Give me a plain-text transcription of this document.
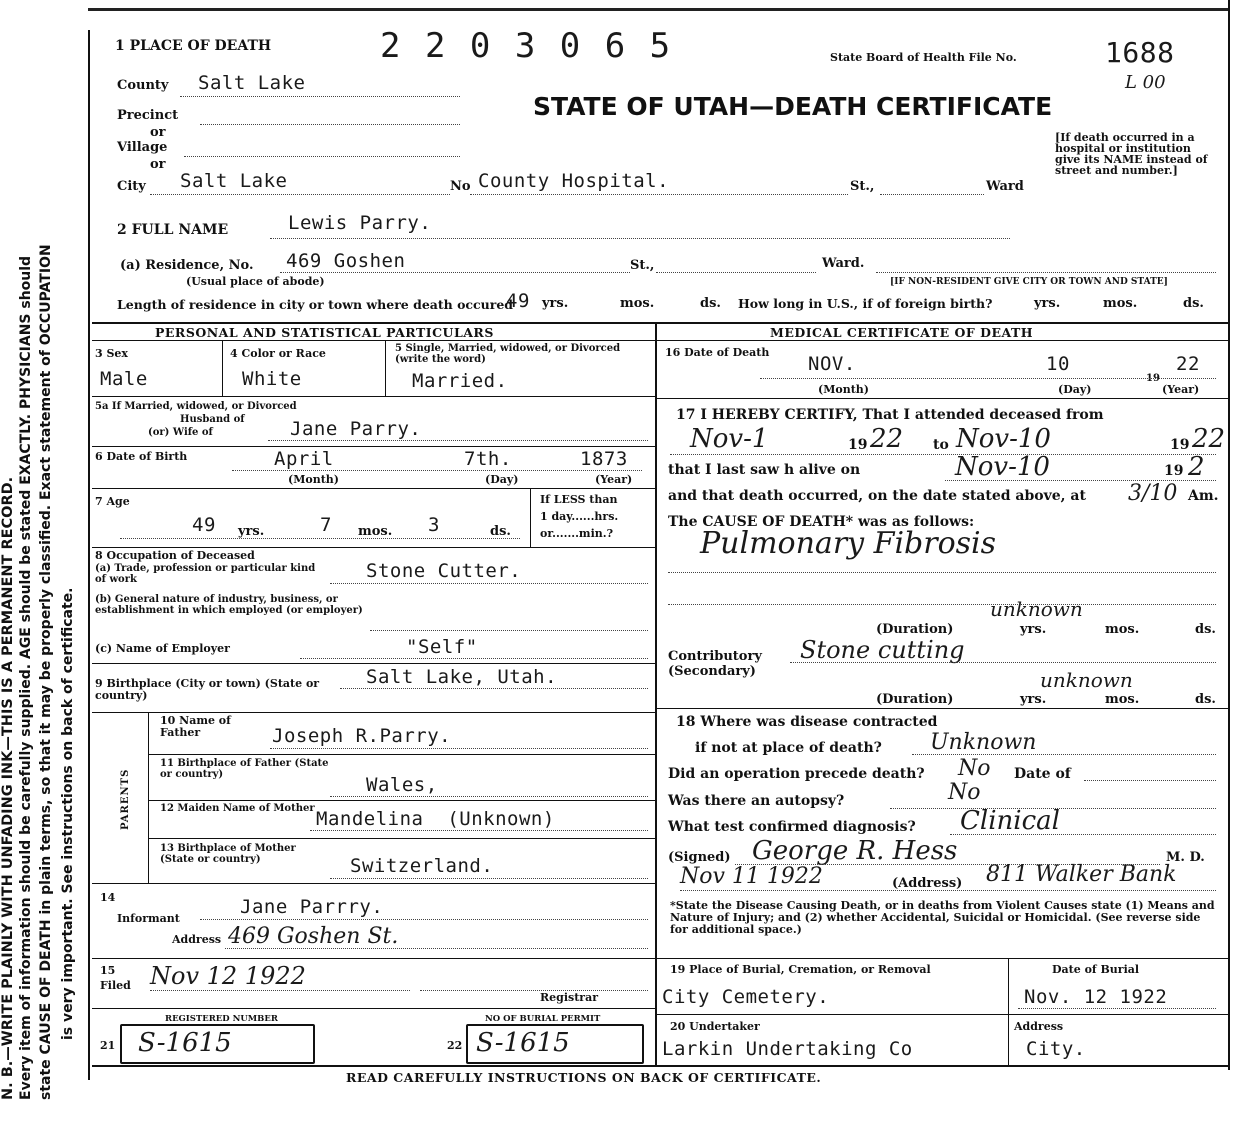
N. B.—WRITE PLAINLY WITH UNFADING INK—THIS IS A PERMANENT RECORD. Every item of information should be carefully supplied. AGE should be stated EXACTLY. PHYSICIANS should state CAUSE OF DEATH in plain terms, so that it may be properly classified. Exact statement of OCCUPATION is very important. See instructions on back of certificate.
1 PLACE OF DEATH	2 2 0 3 0 6 5	State Board of Health File No.	1688
L 00
STATE OF UTAH—DEATH CERTIFICATE
[If death occurred in a hospital or institution give its NAME instead of street and number.]
County Salt Lake
Precinct
or
Village
or
City Salt Lake	No County Hospital.	St.,	Ward
2 FULL NAME	Lewis Parry.
(a) Residence, No. 469 Goshen	St.,	Ward.
(Usual place of abode)	[IF NON-RESIDENT GIVE CITY OR TOWN AND STATE]
Length of residence in city or town where death occured
49 yrs.	mos.	ds. How long in U.S., if of foreign birth?	yrs.	mos.	ds.
PERSONAL AND STATISTICAL PARTICULARS
3 Sex
Male
4 Color or Race
White
5 Single, Married, widowed, or Divorced (write the word)
Married.
5a If Married, widowed, or Divorced
Husband of
(or) Wife of	Jane Parry.
6 Date of Birth	April	7th.	1873
(Month)	(Day)	(Year)
7 Age
49 yrs.	7 mos. 3	ds.
If LESS than
1 day......hrs.
or.......min.?
8 Occupation of Deceased
(a) Trade, profession or particular kind of work	Stone Cutter.
(b) General nature of industry, business, or establishment in which employed (or employer)
(c) Name of Employer	"Self"
9 Birthplace (City or town) (State or country)
Salt Lake, Utah.
PARENTS
10 Name of Father	Joseph R.Parry.
11 Birthplace of Father (State or country)	Wales,
12 Maiden Name of Mother Mandelina  (Unknown)
13 Birthplace of Mother (State or country)	Switzerland.
14
Informant
Jane Parrry.
Address 469 Goshen St.
15
Filed Nov 12 1922
Registrar
REGISTERED NUMBER
21 S-1615
NO OF BURIAL PERMIT
22 S-1615
MEDICAL CERTIFICATE OF DEATH
16 Date of Death
NOV.	10
19
22
(Month)	(Day)	(Year)
17 I HEREBY CERTIFY, That I attended deceased from
Nov-1	19 22 to Nov-10	19 22
that I last saw h alive on	Nov-10	19 2
and that death occurred, on the date stated above, at 3/10 Am.
The CAUSE OF DEATH* was as follows:
Pulmonary Fibrosis
unknown
(Duration)	yrs.	mos.	ds.
Contributory (Secondary)
Stone cutting
unknown
(Duration)	yrs.	mos.	ds.
18 Where was disease contracted
if not at place of death? Unknown
Did an operation precede death? No Date of
Was there an autopsy?	No
What test confirmed diagnosis? Clinical
(Signed) George R. Hess	M. D.
Nov 11 1922	(Address) 811 Walker Bank
*State the Disease Causing Death, or in deaths from Violent Causes state (1) Means and Nature of Injury; and (2) whether Accidental, Suicidal or Homicidal. (See reverse side for additional space.)
19 Place of Burial, Cremation, or Removal
City Cemetery.
Date of Burial
Nov. 12 1922
20 Undertaker
Larkin Undertaking Co
Address
City.
READ CAREFULLY INSTRUCTIONS ON BACK OF CERTIFICATE.
